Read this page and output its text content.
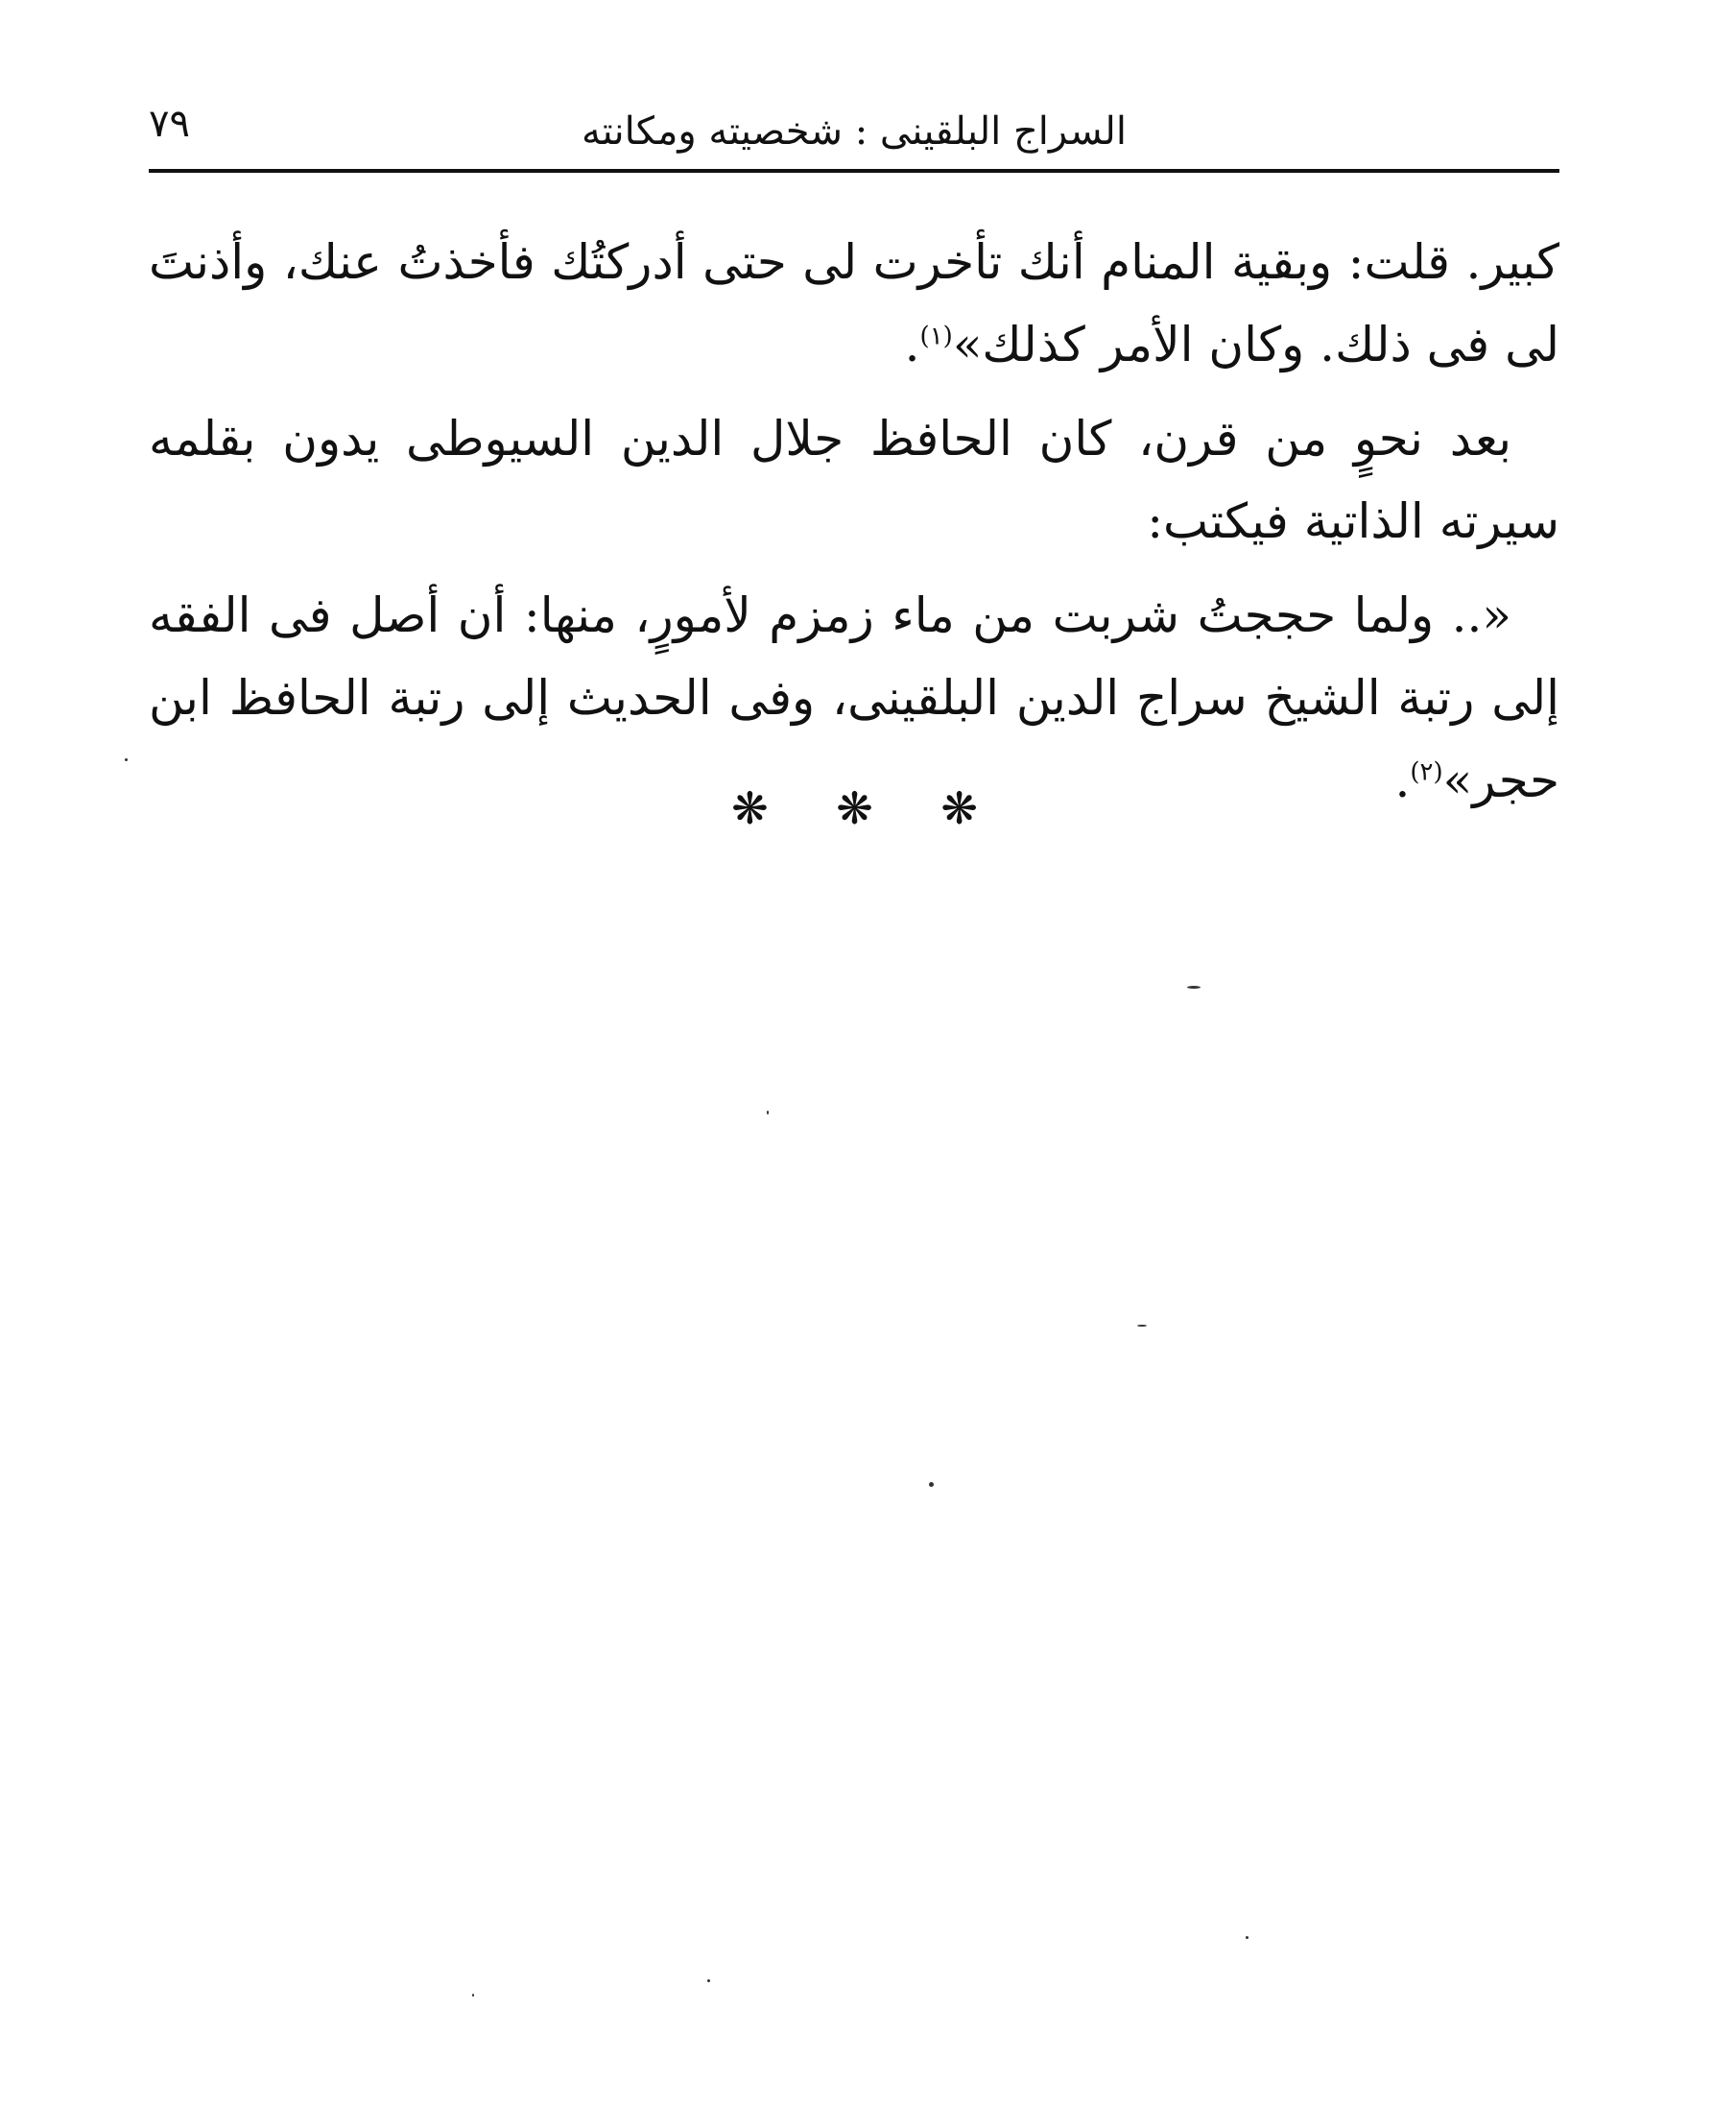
٧٩	السراج البلقينى : شخصيته ومكانته

كبير. قلت: وبقية المنام أنك تأخرت لى حتى أدركتُك فأخذتُ عنك، وأذنتَ لى فى ذلك. وكان الأمر كذلك»$^{(١)}$.

بعد نحوٍ من قرن، كان الحافظ جلال الدين السيوطى يدون بقلمه سيرته الذاتية فيكتب:

«.. ولما حججتُ شربت من ماء زمزم لأمورٍ، منها: أن أصل فى الفقه إلى رتبة الشيخ سراج الدين البلقينى، وفى الحديث إلى رتبة الحافظ ابن حجر»$^{(٢)}$.

❋ ❋ ❋
